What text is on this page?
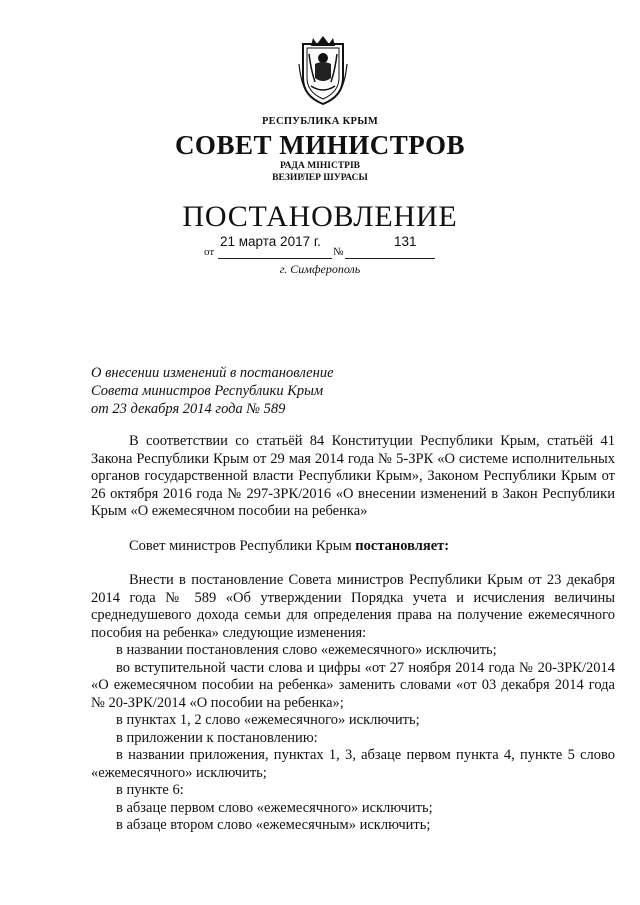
РЕСПУБЛИКА КРЫМ
СОВЕТ МИНИСТРОВ
РАДА МІНІСТРІВ
ВЕЗИРЛЕР ШУРАСЫ
ПОСТАНОВЛЕНИЕ
от
21 марта 2017 г.
№
131
г. Симферополь
О внесении изменений в постановление
Совета министров Республики Крым
от 23 декабря 2014 года № 589

В соответствии со статьёй 84 Конституции Республики Крым, статьёй 41 Закона Республики Крым от 29 мая 2014 года № 5-ЗРК «О системе исполнительных органов государственной власти Республики Крым», Законом Республики Крым от 26 октября 2016 года № 297-ЗРК/2016 «О внесении изменений в Закон Республики Крым «О ежемесячном пособии на ребенка»

Совет министров Республики Крым постановляет:

Внести в постановление Совета министров Республики Крым от 23 декабря 2014 года № 589 «Об утверждении Порядка учета и исчисления величины среднедушевого дохода семьи для определения права на получение ежемесячного пособия на ребенка» следующие изменения:

в названии постановления слово «ежемесячного» исключить;

во вступительной части слова и цифры «от 27 ноября 2014 года № 20-ЗРК/2014 «О ежемесячном пособии на ребенка» заменить словами «от 03 декабря 2014 года № 20-ЗРК/2014 «О пособии на ребенка»;

в пунктах 1, 2 слово «ежемесячного» исключить;

в приложении к постановлению:

в названии приложения, пунктах 1, 3, абзаце первом пункта 4, пункте 5 слово «ежемесячного» исключить;

в пункте 6:

в абзаце первом слово «ежемесячного» исключить;

в абзаце втором слово «ежемесячным» исключить;
